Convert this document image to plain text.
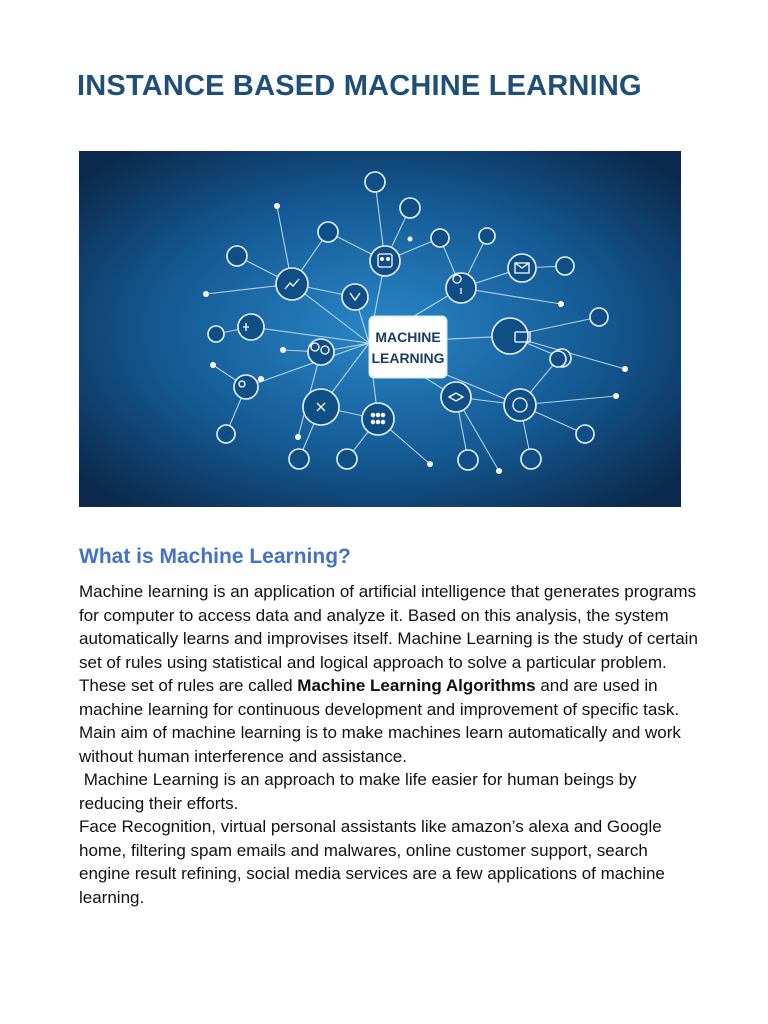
INSTANCE BASED MACHINE LEARNING
MACHINE
LEARNING
What is Machine Learning?

Machine learning is an application of artificial intelligence that generates programs for computer to access data and analyze it. Based on this analysis, the system automatically learns and improvises itself. Machine Learning is the study of certain set of rules using statistical and logical approach to solve a particular problem. These set of rules are called Machine Learning Algorithms and are used in machine learning for continuous development and improvement of specific task. Main aim of machine learning is to make machines learn automatically and work without human interference and assistance.

Machine Learning is an approach to make life easier for human beings by reducing their efforts.

Face Recognition, virtual personal assistants like amazon’s alexa and Google home, filtering spam emails and malwares, online customer support, search engine result refining, social media services are a few applications of machine learning.
